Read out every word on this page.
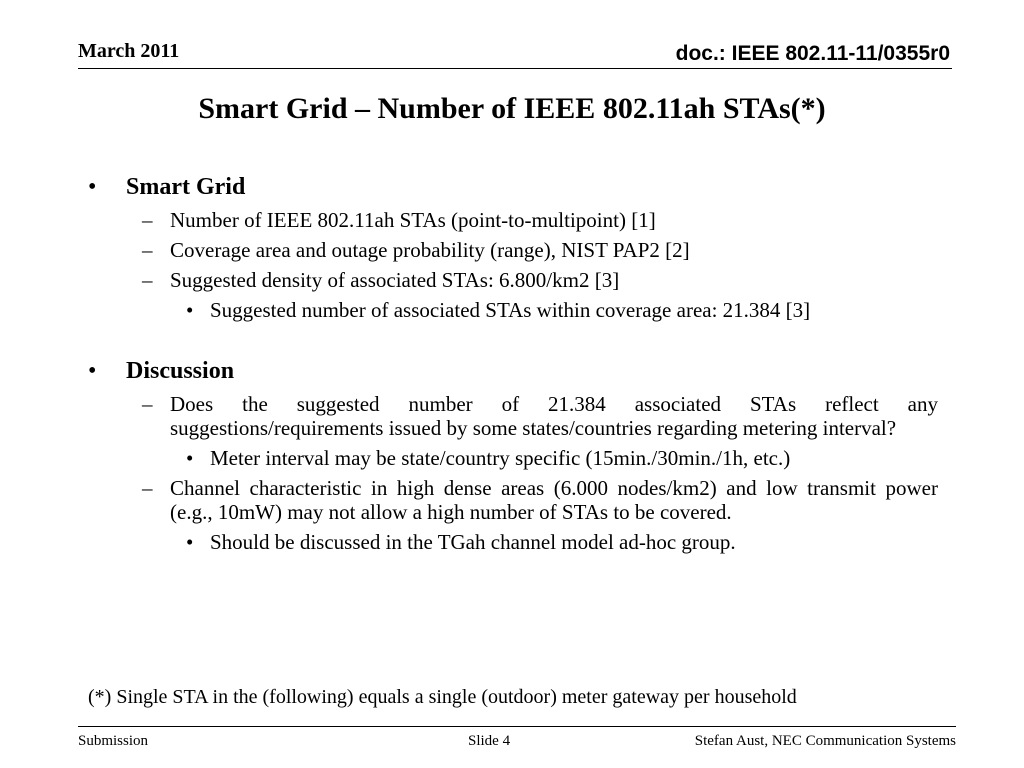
March 2011	doc.: IEEE 802.11-11/0355r0
Smart Grid – Number of IEEE 802.11ah STAs(*)
• Smart Grid
– Number of IEEE 802.11ah STAs (point-to-multipoint) [1]
– Coverage area and outage probability (range), NIST PAP2 [2]
– Suggested density of associated STAs: 6.800/km2 [3]
• Suggested number of associated STAs within coverage area: 21.384 [3]
• Discussion
– Does the suggested number of 21.384 associated STAs reflect any suggestions/requirements issued by some states/countries regarding metering interval?
• Meter interval may be state/country specific (15min./30min./1h, etc.)
– Channel characteristic in high dense areas (6.000 nodes/km2) and low transmit power (e.g., 10mW) may not allow a high number of STAs to be covered.
• Should be discussed in the TGah channel model ad-hoc group.
(*) Single STA in the (following) equals a single (outdoor) meter gateway per household
Submission	Slide 4	Stefan Aust, NEC Communication Systems
